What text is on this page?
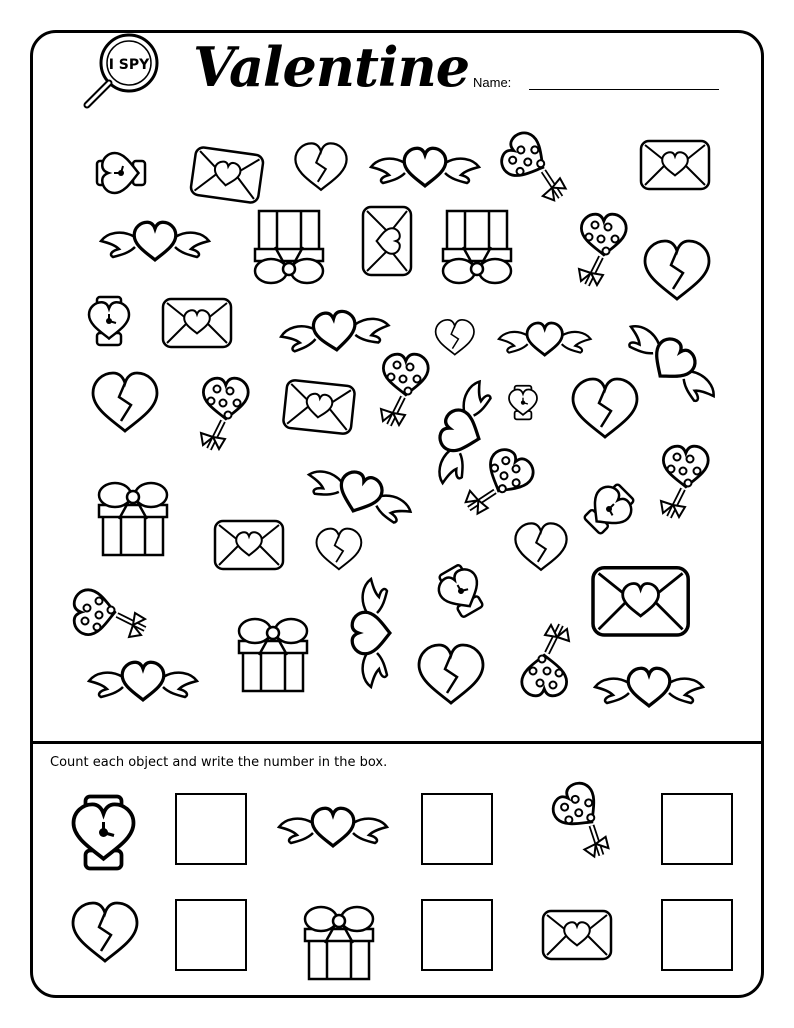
I SPY Valentine Name:
Count each object and write the number in the box.
